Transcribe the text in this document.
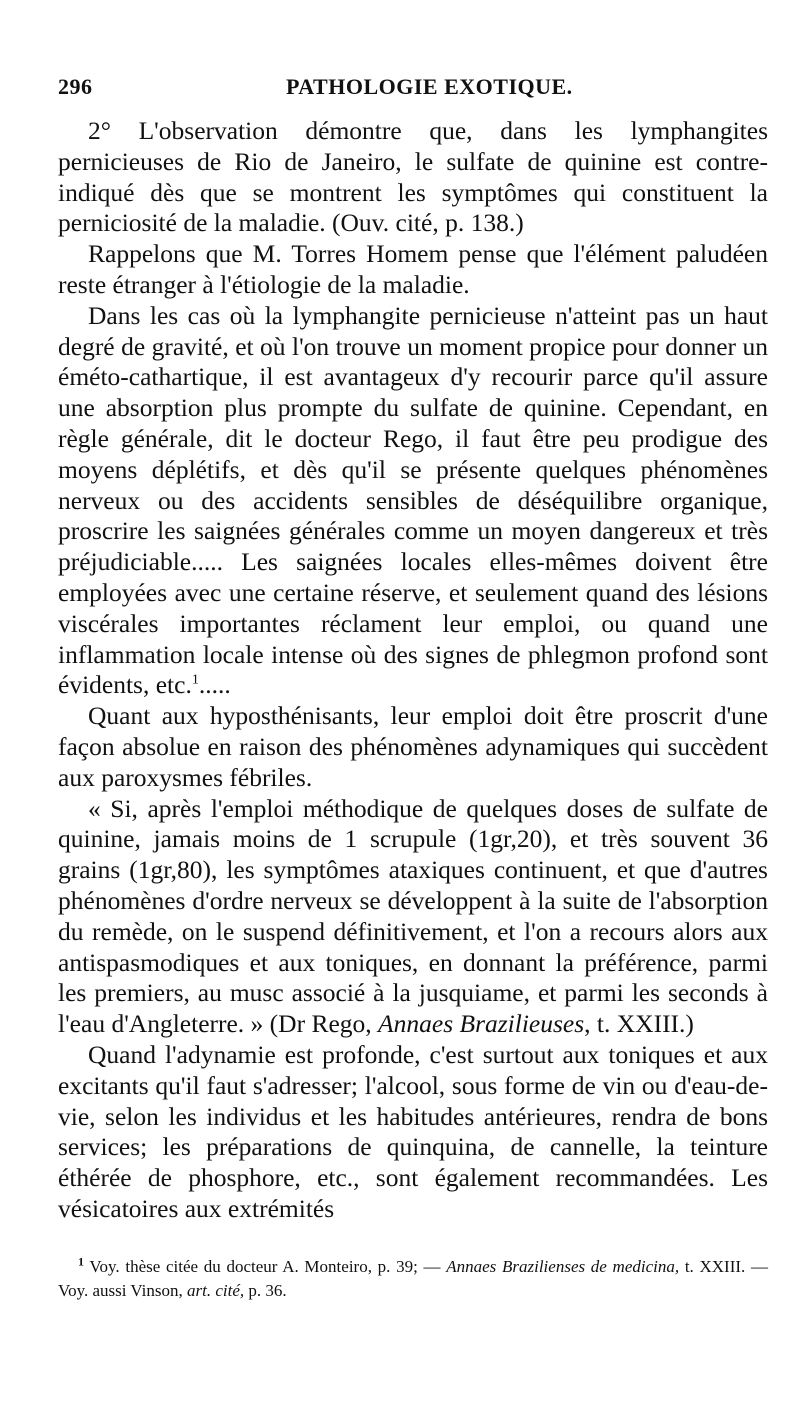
296	PATHOLOGIE EXOTIQUE.

2° L'observation démontre que, dans les lymphangites pernicieuses de Rio de Janeiro, le sulfate de quinine est contre-indiqué dès que se montrent les symptômes qui constituent la perniciosité de la maladie. (Ouv. cité, p. 138.)

Rappelons que M. Torres Homem pense que l'élément paludéen reste étranger à l'étiologie de la maladie.

Dans les cas où la lymphangite pernicieuse n'atteint pas un haut degré de gravité, et où l'on trouve un moment propice pour donner un éméto-cathartique, il est avantageux d'y recourir parce qu'il assure une absorption plus prompte du sulfate de quinine. Cependant, en règle générale, dit le docteur Rego, il faut être peu prodigue des moyens déplétifs, et dès qu'il se présente quelques phénomènes nerveux ou des accidents sensibles de déséquilibre organique, proscrire les saignées générales comme un moyen dangereux et très préjudiciable..... Les saignées locales elles-mêmes doivent être employées avec une certaine réserve, et seulement quand des lésions viscérales importantes réclament leur emploi, ou quand une inflammation locale intense où des signes de phlegmon profond sont évidents, etc.$^1$.....

Quant aux hyposthénisants, leur emploi doit être proscrit d'une façon absolue en raison des phénomènes adynamiques qui succèdent aux paroxysmes fébriles.

« Si, après l'emploi méthodique de quelques doses de sulfate de quinine, jamais moins de 1 scrupule (1gr,20), et très souvent 36 grains (1gr,80), les symptômes ataxiques continuent, et que d'autres phénomènes d'ordre nerveux se développent à la suite de l'absorption du remède, on le suspend définitivement, et l'on a recours alors aux antispasmodiques et aux toniques, en donnant la préférence, parmi les premiers, au musc associé à la jusquiame, et parmi les seconds à l'eau d'Angleterre. » (Dr Rego, Annaes Brazilieuses, t. XXIII.)

Quand l'adynamie est profonde, c'est surtout aux toniques et aux excitants qu'il faut s'adresser; l'alcool, sous forme de vin ou d'eau-de-vie, selon les individus et les habitudes antérieures, rendra de bons services; les préparations de quinquina, de cannelle, la teinture éthérée de phosphore, etc., sont également recommandées. Les vésicatoires aux extrémités

$^1$ Voy. thèse citée du docteur A. Monteiro, p. 39; — Annaes Brazilienses de medicina, t. XXIII. — Voy. aussi Vinson, art. cité, p. 36.
